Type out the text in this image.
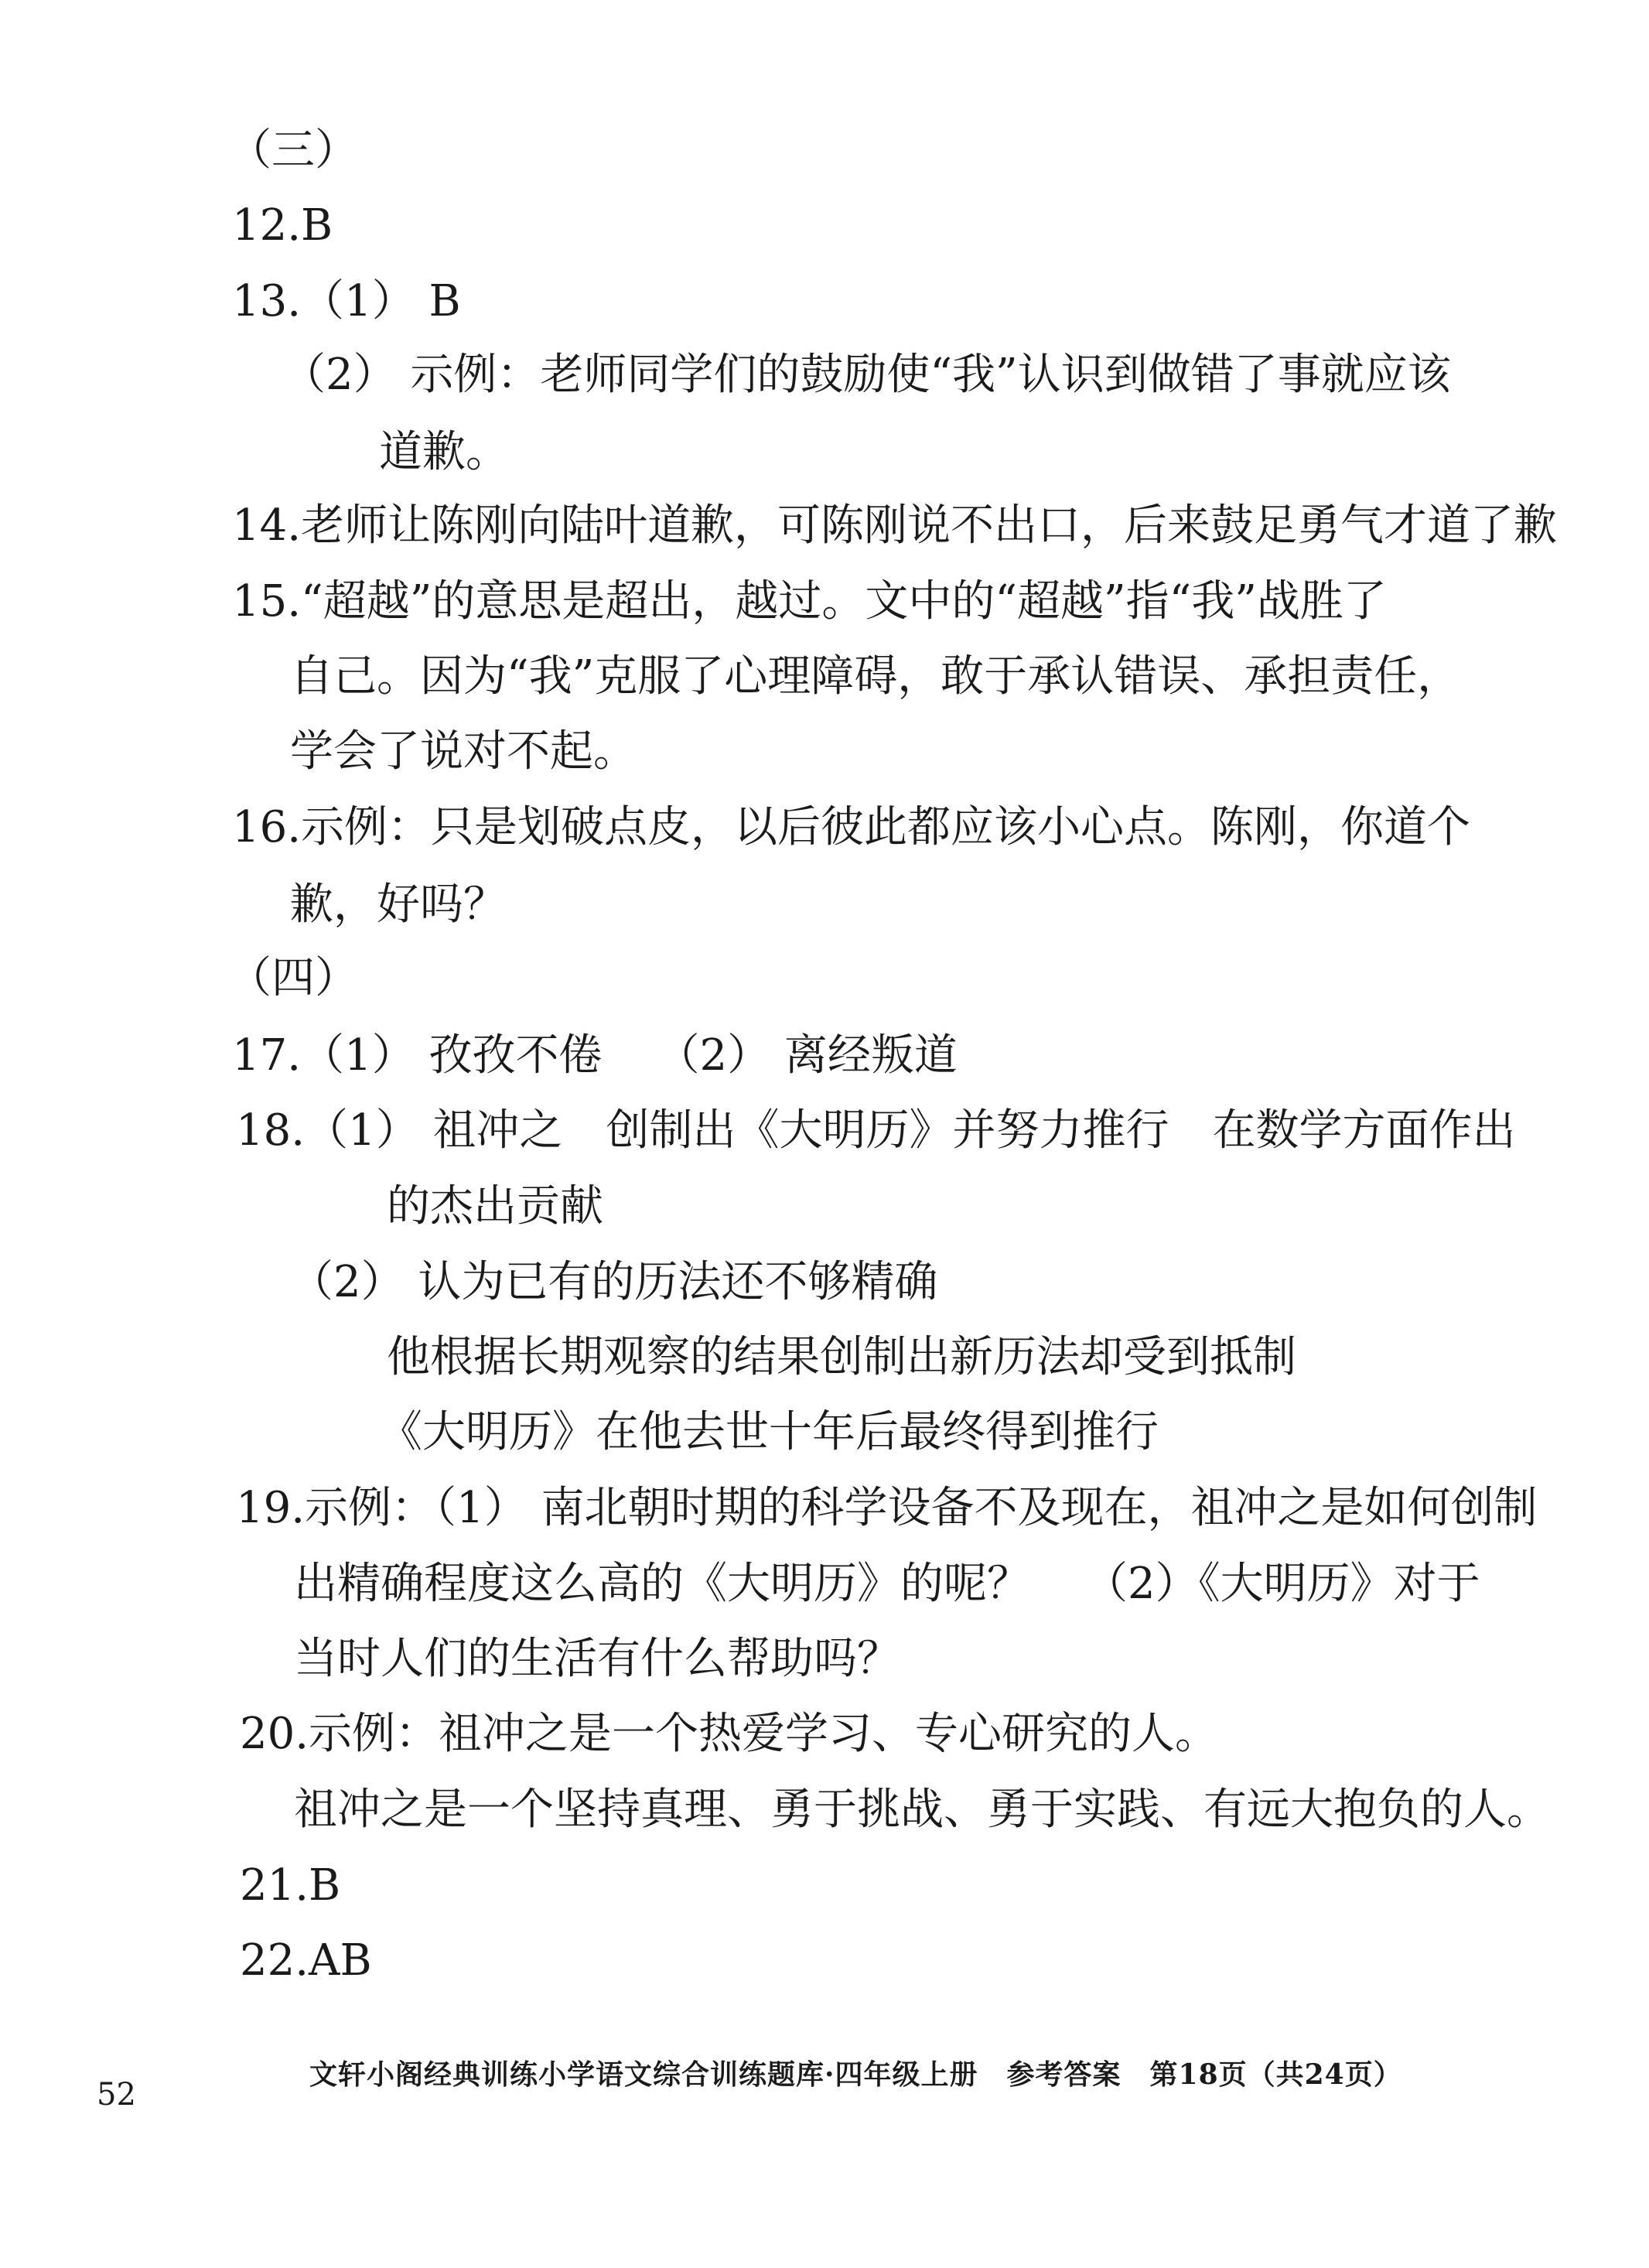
（三）
12.B
13.（1） B
（2） 示例：老师同学们的鼓励使“我”认识到做错了事就应该
道歉。
14.老师让陈刚向陆叶道歉，可陈刚说不出口，后来鼓足勇气才道了歉
15.“超越”的意思是超出，越过。文中的“超越”指“我”战胜了
自己。因为“我”克服了心理障碍，敢于承认错误、承担责任，
学会了说对不起。
16.示例：只是划破点皮，以后彼此都应该小心点。陈刚，你道个
歉，好吗？
（四）
17.（1） 孜孜不倦 （2） 离经叛道
18.（1） 祖冲之 创制出《大明历》并努力推行 在数学方面作出
的杰出贡献
（2） 认为已有的历法还不够精确
他根据长期观察的结果创制出新历法却受到抵制
《大明历》在他去世十年后最终得到推行
19.示例：（1） 南北朝时期的科学设备不及现在，祖冲之是如何创制
出精确程度这么高的《大明历》的呢？ （2）《大明历》对于
当时人们的生活有什么帮助吗？
20.示例：祖冲之是一个热爱学习、专心研究的人。
祖冲之是一个坚持真理、勇于挑战、勇于实践、有远大抱负的人。
21.B
22.AB
52
文轩小阁经典训练小学语文综合训练题库·四年级上册　参考答案　第18页（共24页）
